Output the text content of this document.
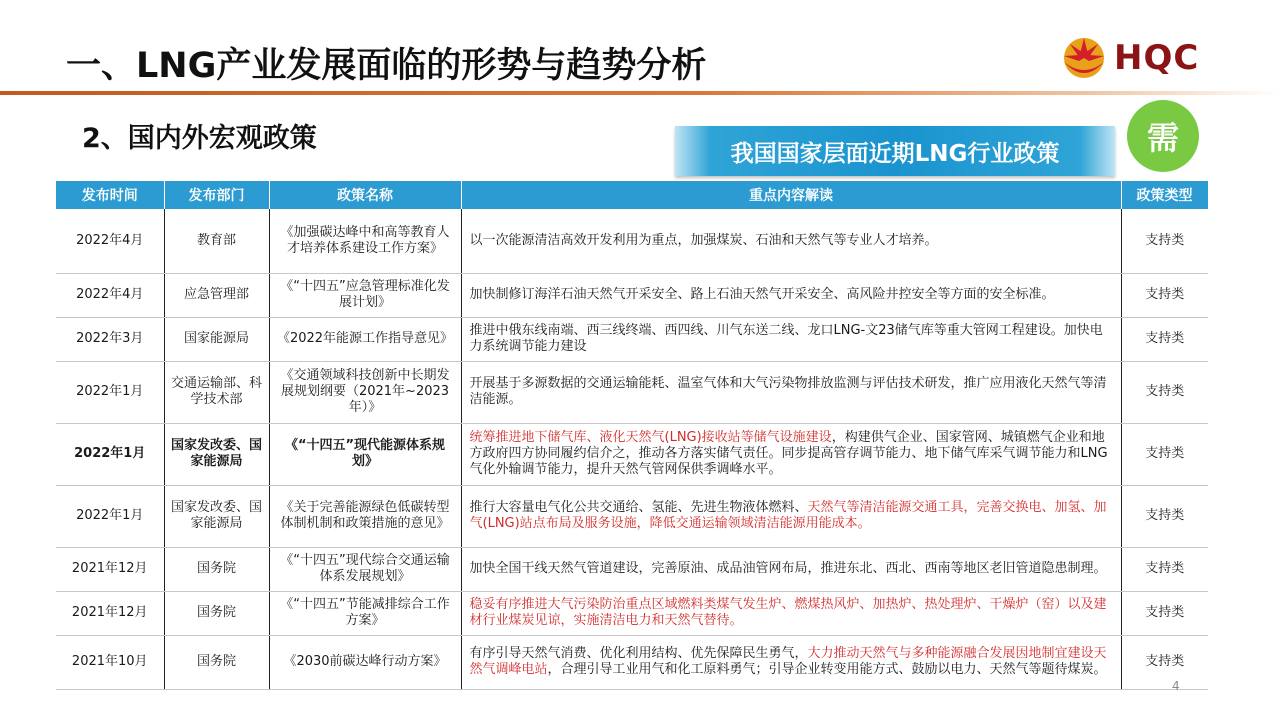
一、LNG产业发展面临的形势与趋势分析	HQC
2、国内外宏观政策	我国国家层面近期LNG行业政策	需
发布时间	发布部门	政策名称	重点内容解读	政策类型
2022年4月	教育部	《加强碳达峰中和高等教育人才培养体系建设工作方案》	以一次能源清洁高效开发利用为重点，加强煤炭、石油和天然气等专业人才培养。	支持类
2022年4月	应急管理部	《“十四五”应急管理标准化发展计划》	加快制修订海洋石油天然气开采安全、路上石油天然气开采安全、高风险井控安全等方面的安全标准。	支持类
2022年3月	国家能源局	《2022年能源工作指导意见》	推进中俄东线南端、西三线终端、西四线、川气东送二线、龙口LNG-文23储气库等重大管网工程建设。加快电力系统调节能力建设	支持类
2022年1月	交通运输部、科学技术部	《交通领域科技创新中长期发展规划纲要（2021年~2023年）》	开展基于多源数据的交通运输能耗、温室气体和大气污染物排放监测与评估技术研发，推广应用液化天然气等清洁能源。	支持类
2022年1月	国家发改委、国家能源局	《“十四五”现代能源体系规划》	统筹推进地下储气库、液化天然气(LNG)接收站等储气设施建设，构建供气企业、国家管网、城镇燃气企业和地方政府四方协同履约信介之，推动各方落实储气责任。同步提高管存调节能力、地下储气库采气调节能力和LNG气化外输调节能力，提升天然气管网保供季调峰水平。	支持类
2022年1月	国家发改委、国家能源局	《关于完善能源绿色低碳转型体制机制和政策措施的意见》	推行大容量电气化公共交通给、氢能、先进生物液体燃料、天然气等清洁能源交通工具，完善交换电、加氢、加气(LNG)站点布局及服务设施，降低交通运输领域清洁能源用能成本。	支持类
2021年12月	国务院	《“十四五”现代综合交通运输体系发展规划》	加快全国干线天然气管道建设，完善原油、成品油管网布局，推进东北、西北、西南等地区老旧管道隐患制理。	支持类
2021年12月	国务院	《“十四五”节能减排综合工作方案》	稳妥有序推进大气污染防治重点区域燃料类煤气发生炉、燃煤热风炉、加热炉、热处理炉、干燥炉（窑）以及建材行业煤炭见谅，实施清洁电力和天然气替待。	支持类
2021年10月	国务院	《2030前碳达峰行动方案》	有序引导天然气消费、优化利用结构、优先保障民生勇气，大力推动天然气与多种能源融合发展因地制宜建设天然气调峰电站，合理引导工业用气和化工原料勇气；引导企业转变用能方式、鼓励以电力、天然气等题待煤炭。	支持类
4
